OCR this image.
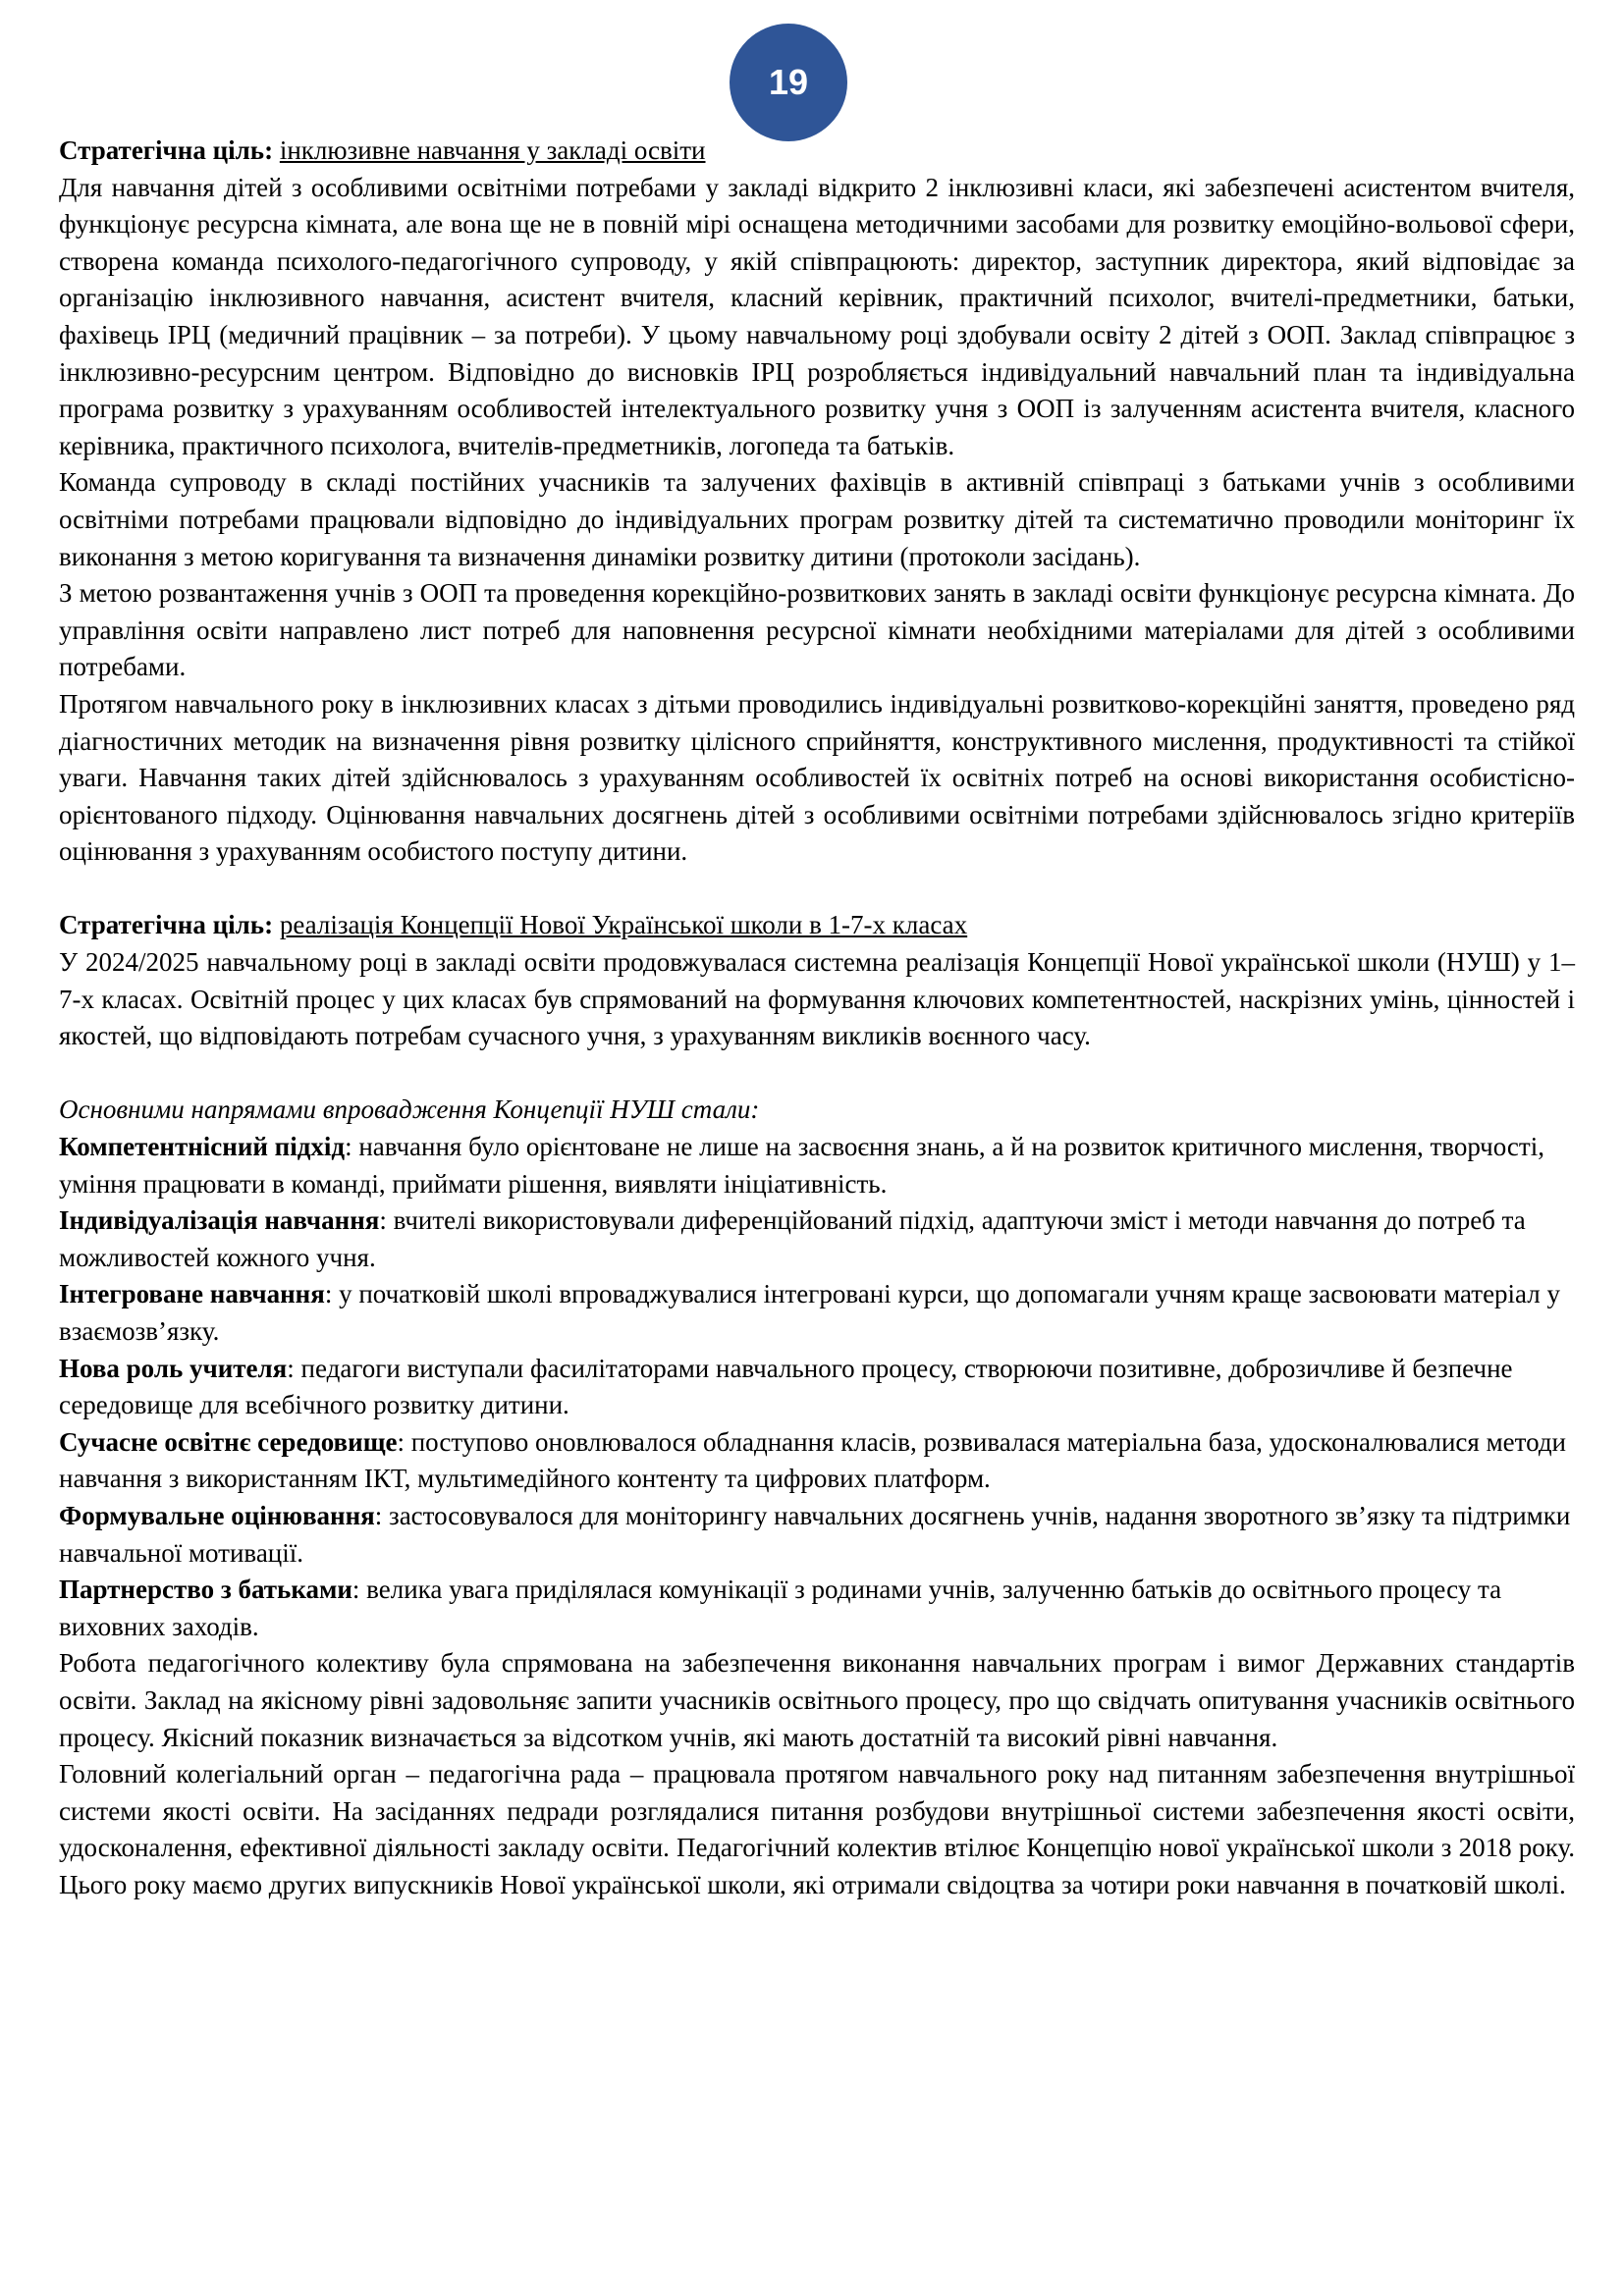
19

Стратегічна ціль: інклюзивне навчання у закладі освіти

Для навчання дітей з особливими освітніми потребами у закладі відкрито 2 інклюзивні класи, які забезпечені асистентом вчителя, функціонує ресурсна кімната, але вона ще не в повній мірі оснащена методичними засобами для розвитку емоційно-вольової сфери, створена команда психолого-педагогічного супроводу, у якій співпрацюють: директор, заступник директора, який відповідає за організацію інклюзивного навчання, асистент вчителя, класний керівник, практичний психолог, вчителі-предметники, батьки, фахівець ІРЦ (медичний працівник – за потреби). У цьому навчальному році здобували освіту 2 дітей з ООП. Заклад співпрацює з інклюзивно-ресурсним центром. Відповідно до висновків ІРЦ розробляється індивідуальний навчальний план та індивідуальна програма розвитку з урахуванням особливостей інтелектуального розвитку учня з ООП із залученням асистента вчителя, класного керівника, практичного психолога, вчителів-предметників, логопеда та батьків.

Команда супроводу в складі постійних учасників та залучених фахівців в активній співпраці з батьками учнів з особливими освітніми потребами працювали відповідно до індивідуальних програм розвитку дітей та систематично проводили моніторинг їх виконання з метою коригування та визначення динаміки розвитку дитини (протоколи засідань).

З метою розвантаження учнів з ООП та проведення корекційно-розвиткових занять в закладі освіти функціонує ресурсна кімната. До управління освіти направлено лист потреб для наповнення ресурсної кімнати необхідними матеріалами для дітей з особливими потребами.

Протягом навчального року в інклюзивних класах з дітьми проводились індивідуальні розвитково-корекційні заняття, проведено ряд діагностичних методик на визначення рівня розвитку цілісного сприйняття, конструктивного мислення, продуктивності та стійкої уваги. Навчання таких дітей здійснювалось з урахуванням особливостей їх освітніх потреб на основі використання особистісно-орієнтованого підходу. Оцінювання навчальних досягнень дітей з особливими освітніми потребами здійснювалось згідно критеріїв оцінювання з урахуванням особистого поступу дитини.

Стратегічна ціль: реалізація Концепції Нової Української школи в 1-7-х класах

У 2024/2025 навчальному році в закладі освіти продовжувалася системна реалізація Концепції Нової української школи (НУШ) у 1–7-х класах. Освітній процес у цих класах був спрямований на формування ключових компетентностей, наскрізних умінь, цінностей і якостей, що відповідають потребам сучасного учня, з урахуванням викликів воєнного часу.

Основними напрямами впровадження Концепції НУШ стали:

Компетентнісний підхід: навчання було орієнтоване не лише на засвоєння знань, а й на розвиток критичного мислення, творчості, уміння працювати в команді, приймати рішення, виявляти ініціативність.

Індивідуалізація навчання: вчителі використовували диференційований підхід, адаптуючи зміст і методи навчання до потреб та можливостей кожного учня.

Інтегроване навчання: у початковій школі впроваджувалися інтегровані курси, що допомагали учням краще засвоювати матеріал у взаємозв’язку.

Нова роль учителя: педагоги виступали фасилітаторами навчального процесу, створюючи позитивне, доброзичливе й безпечне середовище для всебічного розвитку дитини.

Сучасне освітнє середовище: поступово оновлювалося обладнання класів, розвивалася матеріальна база, удосконалювалися методи навчання з використанням ІКТ, мультимедійного контенту та цифрових платформ.

Формувальне оцінювання: застосовувалося для моніторингу навчальних досягнень учнів, надання зворотного зв’язку та підтримки навчальної мотивації.

Партнерство з батьками: велика увага приділялася комунікації з родинами учнів, залученню батьків до освітнього процесу та виховних заходів.

Робота педагогічного колективу була спрямована на забезпечення виконання навчальних програм і вимог Державних стандартів освіти. Заклад на якісному рівні задовольняє запити учасників освітнього процесу, про що свідчать опитування учасників освітнього процесу. Якісний показник визначається за відсотком учнів, які мають достатній та високий рівні навчання.

Головний колегіальний орган – педагогічна рада – працювала протягом навчального року над питанням забезпечення внутрішньої системи якості освіти. На засіданнях педради розглядалися питання розбудови внутрішньої системи забезпечення якості освіти, удосконалення, ефективної діяльності закладу освіти. Педагогічний колектив втілює Концепцію нової української школи з 2018 року. Цього року маємо других випускників Нової української школи, які отримали свідоцтва за чотири роки навчання в початковій школі.
